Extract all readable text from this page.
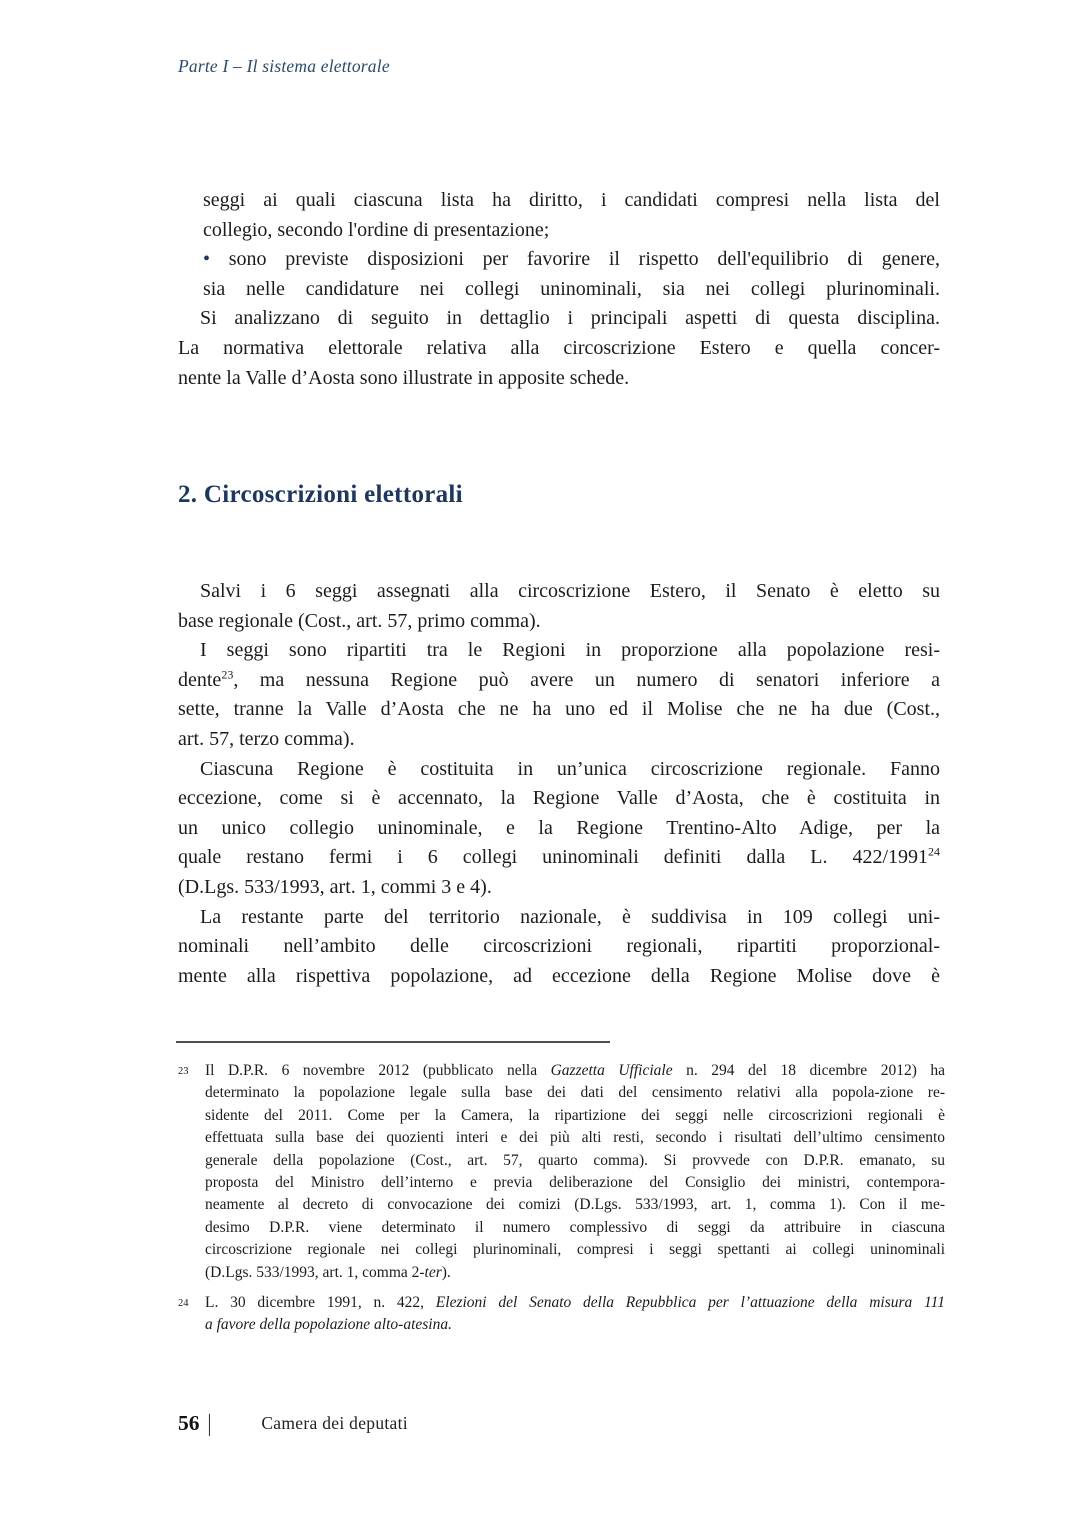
Parte I – Il sistema elettorale
seggi ai quali ciascuna lista ha diritto, i candidati compresi nella lista del
collegio, secondo l'ordine di presentazione;
• sono previste disposizioni per favorire il rispetto dell'equilibrio di genere,
sia nelle candidature nei collegi uninominali, sia nei collegi plurinominali.
Si analizzano di seguito in dettaglio i principali aspetti di questa disciplina.
La normativa elettorale relativa alla circoscrizione Estero e quella concer-
nente la Valle d’Aosta sono illustrate in apposite schede.
2. Circoscrizioni elettorali
Salvi i 6 seggi assegnati alla circoscrizione Estero, il Senato è eletto su
base regionale (Cost., art. 57, primo comma).
I seggi sono ripartiti tra le Regioni in proporzione alla popolazione resi-
dente$^{23}$, ma nessuna Regione può avere un numero di senatori inferiore a
sette, tranne la Valle d’Aosta che ne ha uno ed il Molise che ne ha due (Cost.,
art. 57, terzo comma).
Ciascuna Regione è costituita in un’unica circoscrizione regionale. Fanno
eccezione, come si è accennato, la Regione Valle d’Aosta, che è costituita in
un unico collegio uninominale, e la Regione Trentino-Alto Adige, per la
quale restano fermi i 6 collegi uninominali definiti dalla L. 422/1991$^{24}$
(D.Lgs. 533/1993, art. 1, commi 3 e 4).
La restante parte del territorio nazionale, è suddivisa in 109 collegi uni-
nominali nell’ambito delle circoscrizioni regionali, ripartiti proporzional-
mente alla rispettiva popolazione, ad eccezione della Regione Molise dove è
23 Il D.P.R. 6 novembre 2012 (pubblicato nella Gazzetta Ufficiale n. 294 del 18 dicembre 2012) ha
determinato la popolazione legale sulla base dei dati del censimento relativi alla popola-zione re-
sidente del 2011. Come per la Camera, la ripartizione dei seggi nelle circoscrizioni regionali è
effettuata sulla base dei quozienti interi e dei più alti resti, secondo i risultati dell’ultimo censimento
generale della popolazione (Cost., art. 57, quarto comma). Si provvede con D.P.R. emanato, su
proposta del Ministro dell’interno e previa deliberazione del Consiglio dei ministri, contempora-
neamente al decreto di convocazione dei comizi (D.Lgs. 533/1993, art. 1, comma 1). Con il me-
desimo D.P.R. viene determinato il numero complessivo di seggi da attribuire in ciascuna
circoscrizione regionale nei collegi plurinominali, compresi i seggi spettanti ai collegi uninominali
(D.Lgs. 533/1993, art. 1, comma 2-ter).
24 L. 30 dicembre 1991, n. 422, Elezioni del Senato della Repubblica per l’attuazione della misura 111
a favore della popolazione alto-atesina.
56 |	Camera dei deputati
